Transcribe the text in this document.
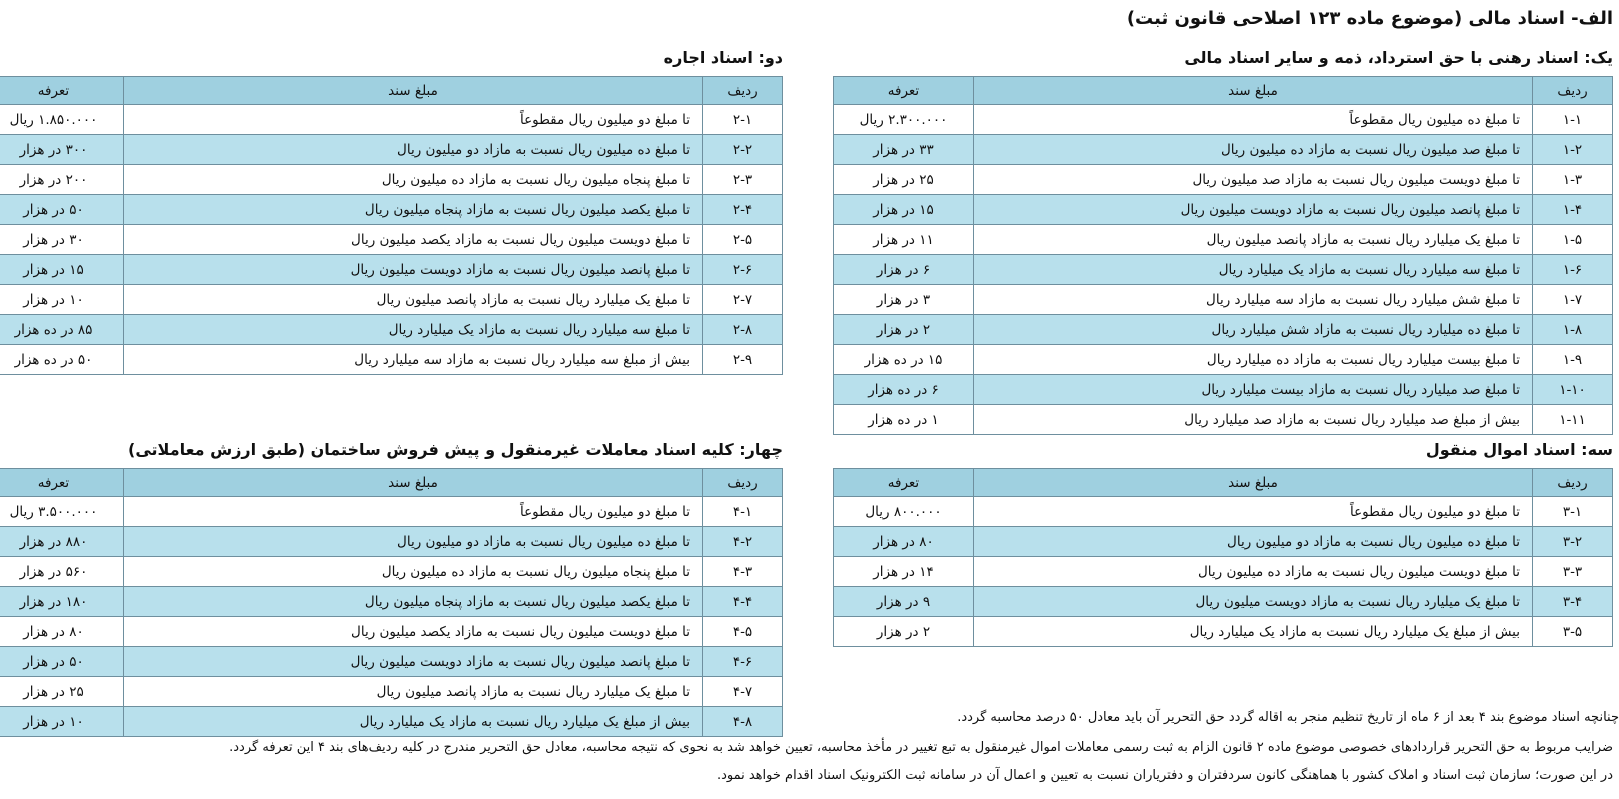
الف- اسناد مالی (موضوع ماده ۱۲۳ اصلاحی قانون ثبت)
یک: اسناد رهنی با حق استرداد، ذمه و سایر اسناد مالی
دو: اسناد اجاره
سه: اسناد اموال منقول
چهار: کلیه اسناد معاملات غیرمنقول و پیش فروش ساختمان (طبق ارزش معاملاتی)
ردیف	مبلغ سند	تعرفه
۱-۱	تا مبلغ ده میلیون ریال مقطوعاً	۲.۳۰۰.۰۰۰ ریال
۱-۲	تا مبلغ صد میلیون ریال نسبت به مازاد ده میلیون ریال	۳۳ در هزار
۱-۳	تا مبلغ دویست میلیون ریال نسبت به مازاد صد میلیون ریال	۲۵ در هزار
۱-۴	تا مبلغ پانصد میلیون ریال نسبت به مازاد دویست میلیون ریال	۱۵ در هزار
۱-۵	تا مبلغ یک میلیارد ریال نسبت به مازاد پانصد میلیون ریال	۱۱ در هزار
۱-۶	تا مبلغ سه میلیارد ریال نسبت به مازاد یک میلیارد ریال	۶ در هزار
۱-۷	تا مبلغ شش میلیارد ریال نسبت به مازاد سه میلیارد ریال	۳ در هزار
۱-۸	تا مبلغ ده میلیارد ریال نسبت به مازاد شش میلیارد ریال	۲ در هزار
۱-۹	تا مبلغ بیست میلیارد ریال نسبت به مازاد ده میلیارد ریال	۱۵ در ده هزار
۱-۱۰	تا مبلغ صد میلیارد ریال نسبت به مازاد بیست میلیارد ریال	۶ در ده هزار
۱-۱۱	بیش از مبلغ صد میلیارد ریال نسبت به مازاد صد میلیارد ریال	۱ در ده هزار
ردیف	مبلغ سند	تعرفه
۲-۱	تا مبلغ دو میلیون ریال مقطوعاً	۱.۸۵۰.۰۰۰ ریال
۲-۲	تا مبلغ ده میلیون ریال نسبت به مازاد دو میلیون ریال	۳۰۰ در هزار
۲-۳	تا مبلغ پنجاه میلیون ریال نسبت به مازاد ده میلیون ریال	۲۰۰ در هزار
۲-۴	تا مبلغ یکصد میلیون ریال نسبت به مازاد پنجاه میلیون ریال	۵۰ در هزار
۲-۵	تا مبلغ دویست میلیون ریال نسبت به مازاد یکصد میلیون ریال	۳۰ در هزار
۲-۶	تا مبلغ پانصد میلیون ریال نسبت به مازاد دویست میلیون ریال	۱۵ در هزار
۲-۷	تا مبلغ یک میلیارد ریال نسبت به مازاد پانصد میلیون ریال	۱۰ در هزار
۲-۸	تا مبلغ سه میلیارد ریال نسبت به مازاد یک میلیارد ریال	۸۵ در ده هزار
۲-۹	بیش از مبلغ سه میلیارد ریال نسبت به مازاد سه میلیارد ریال	۵۰ در ده هزار
ردیف	مبلغ سند	تعرفه
۳-۱	تا مبلغ دو میلیون ریال مقطوعاً	۸۰۰.۰۰۰ ریال
۳-۲	تا مبلغ ده میلیون ریال نسبت به مازاد دو میلیون ریال	۸۰ در هزار
۳-۳	تا مبلغ دویست میلیون ریال نسبت به مازاد ده میلیون ریال	۱۴ در هزار
۳-۴	تا مبلغ یک میلیارد ریال نسبت به مازاد دویست میلیون ریال	۹ در هزار
۳-۵	بیش از مبلغ یک میلیارد ریال نسبت به مازاد یک میلیارد ریال	۲ در هزار
ردیف	مبلغ سند	تعرفه
۴-۱	تا مبلغ دو میلیون ریال مقطوعاً	۳.۵۰۰.۰۰۰ ریال
۴-۲	تا مبلغ ده میلیون ریال نسبت به مازاد دو میلیون ریال	۸۸۰ در هزار
۴-۳	تا مبلغ پنجاه میلیون ریال نسبت به مازاد ده میلیون ریال	۵۶۰ در هزار
۴-۴	تا مبلغ یکصد میلیون ریال نسبت به مازاد پنجاه میلیون ریال	۱۸۰ در هزار
۴-۵	تا مبلغ دویست میلیون ریال نسبت به مازاد یکصد میلیون ریال	۸۰ در هزار
۴-۶	تا مبلغ پانصد میلیون ریال نسبت به مازاد دویست میلیون ریال	۵۰ در هزار
۴-۷	تا مبلغ یک میلیارد ریال نسبت به مازاد پانصد میلیون ریال	۲۵ در هزار
۴-۸	بیش از مبلغ یک میلیارد ریال نسبت به مازاد یک میلیارد ریال	۱۰ در هزار	چنانچه اسناد موضوع بند ۴ بعد از ۶ ماه از تاریخ تنظیم منجر به اقاله گردد حق التحریر آن باید معادل ۵۰ درصد محاسبه گردد.
ضرایب مربوط به حق التحریر قراردادهای خصوصی موضوع ماده ۲ قانون الزام به ثبت رسمی معاملات اموال غیرمنقول به تبع تغییر در مأخذ محاسبه، تعیین خواهد شد به نحوی که نتیجه محاسبه، معادل حق التحریر مندرج در کلیه ردیف‌های بند ۴ این تعرفه گردد.
در این صورت؛ سازمان ثبت اسناد و املاک کشور با هماهنگی کانون سردفتران و دفتریاران نسبت به تعیین و اعمال آن در سامانه ثبت الکترونیک اسناد اقدام خواهد نمود.
